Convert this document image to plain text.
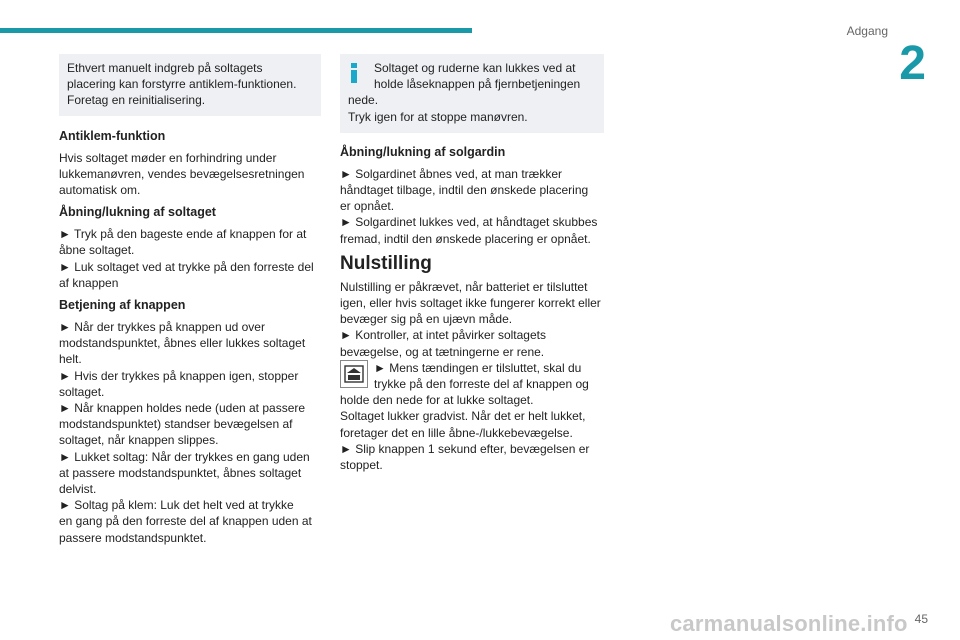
Adgang
2
Ethvert manuelt indgreb på soltagets
placering kan forstyrre antiklem-funktionen.
Foretag en reinitialisering.
Antiklem-funktion

Hvis soltaget møder en forhindring under
lukkemanøvren, vendes bevægelsesretningen
automatisk om.

Åbning/lukning af soltaget

► Tryk på den bageste ende af knappen for at
åbne soltaget.
► Luk soltaget ved at trykke på den forreste del
af knappen

Betjening af knappen

► Når der trykkes på knappen ud over
modstandspunktet, åbnes eller lukkes soltaget
helt.
► Hvis der trykkes på knappen igen, stopper
soltaget.
► Når knappen holdes nede (uden at passere
modstandspunktet) standser bevægelsen af
soltaget, når knappen slippes.
► Lukket soltag: Når der trykkes en gang uden
at passere modstandspunktet, åbnes soltaget
delvist.
► Soltag på klem: Luk det helt ved at trykke
en gang på den forreste del af knappen uden at
passere modstandspunktet.

Soltaget og ruderne kan lukkes ved at
holde låseknappen på fjernbetjeningen
nede.
Tryk igen for at stoppe manøvren.
Åbning/lukning af solgardin

► Solgardinet åbnes ved, at man trækker
håndtaget tilbage, indtil den ønskede placering
er opnået.
► Solgardinet lukkes ved, at håndtaget skubbes
fremad, indtil den ønskede placering er opnået.

Nulstilling

Nulstilling er påkrævet, når batteriet er tilsluttet
igen, eller hvis soltaget ikke fungerer korrekt eller
bevæger sig på en ujævn måde.
► Kontroller, at intet påvirker soltagets
bevægelse, og at tætningerne er rene.

► Mens tændingen er tilsluttet, skal du
trykke på den forreste del af knappen og

holde den nede for at lukke soltaget.
Soltaget lukker gradvist. Når det er helt lukket,
foretager det en lille åbne-/lukkebevægelse.
► Slip knappen 1 sekund efter, bevægelsen er
stoppet.

carmanualsonline.info 45
